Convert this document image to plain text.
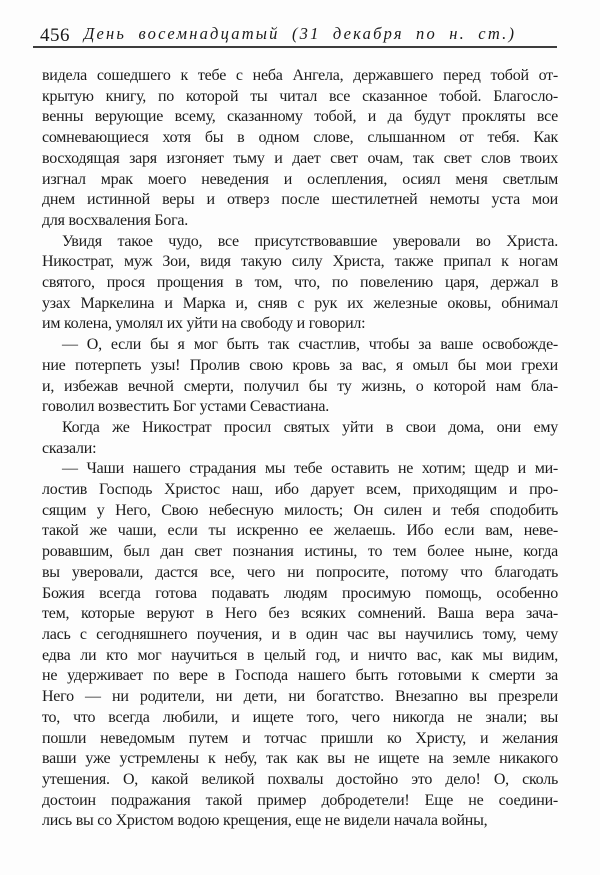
456 День восемнадцатый (31 декабря по н. ст.)
видела сошедшего к тебе с неба Ангела, державшего перед тобой от-
крытую книгу, по которой ты читал все сказанное тобой. Благосло-
венны верующие всему, сказанному тобой, и да будут прокляты все
сомневающиеся хотя бы в одном слове, слышанном от тебя. Как
восходящая заря изгоняет тьму и дает свет очам, так свет слов твоих
изгнал мрак моего неведения и ослепления, осиял меня светлым
днем истинной веры и отверз после шестилетней немоты уста мои
для восхваления Бога.
Увидя такое чудо, все присутствовавшие уверовали во Христа.
Никострат, муж Зои, видя такую силу Христа, также припал к ногам
святого, прося прощения в том, что, по повелению царя, держал в
узах Маркелина и Марка и, сняв с рук их железные оковы, обнимал
им колена, умолял их уйти на свободу и говорил:
— О, если бы я мог быть так счастлив, чтобы за ваше освобожде-
ние потерпеть узы! Пролив свою кровь за вас, я омыл бы мои грехи
и, избежав вечной смерти, получил бы ту жизнь, о которой нам бла-
говолил возвестить Бог устами Севастиана.
Когда же Никострат просил святых уйти в свои дома, они ему
сказали:
— Чаши нашего страдания мы тебе оставить не хотим; щедр и ми-
лостив Господь Христос наш, ибо дарует всем, приходящим и про-
сящим у Него, Свою небесную милость; Он силен и тебя сподобить
такой же чаши, если ты искренно ее желаешь. Ибо если вам, неве-
ровавшим, был дан свет познания истины, то тем более ныне, когда
вы уверовали, дастся все, чего ни попросите, потому что благодать
Божия всегда готова подавать людям просимую помощь, особенно
тем, которые веруют в Него без всяких сомнений. Ваша вера зача-
лась с сегодняшнего поучения, и в один час вы научились тому, чему
едва ли кто мог научиться в целый год, и ничто вас, как мы видим,
не удерживает по вере в Господа нашего быть готовыми к смерти за
Него — ни родители, ни дети, ни богатство. Внезапно вы презрели
то, что всегда любили, и ищете того, чего никогда не знали; вы
пошли неведомым путем и тотчас пришли ко Христу, и желания
ваши уже устремлены к небу, так как вы не ищете на земле никакого
утешения. О, какой великой похвалы достойно это дело! О, сколь
достоин подражания такой пример добродетели! Еще не соедини-
лись вы со Христом водою крещения, еще не видели начала войны,
